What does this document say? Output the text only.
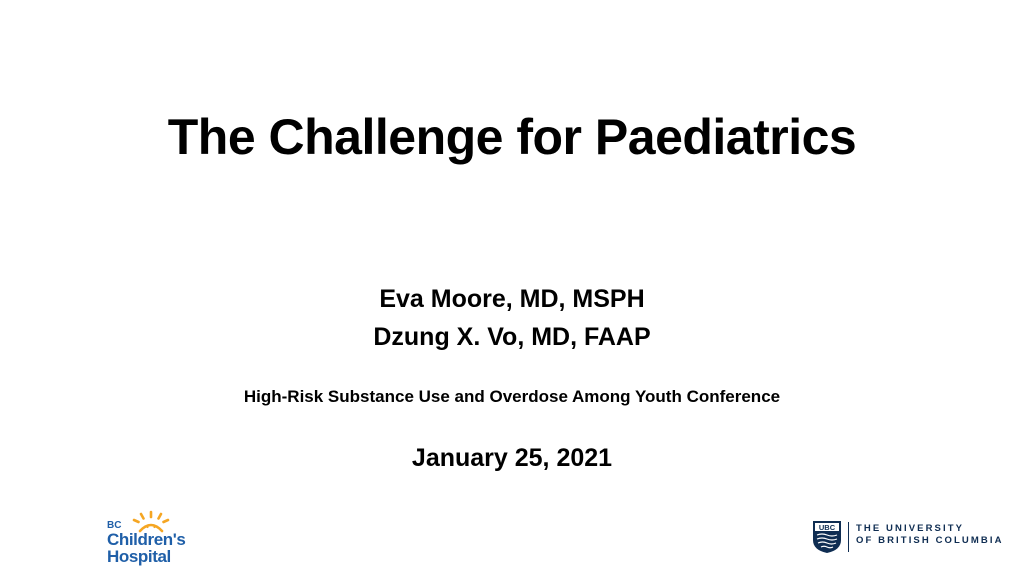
The Challenge for Paediatrics
Eva Moore, MD, MSPH
Dzung X. Vo, MD, FAAP
High-Risk Substance Use and Overdose Among Youth Conference
January 25, 2021
BC
Children's
Hospital
UBC THE UNIVERSITY
OF BRITISH COLUMBIA
